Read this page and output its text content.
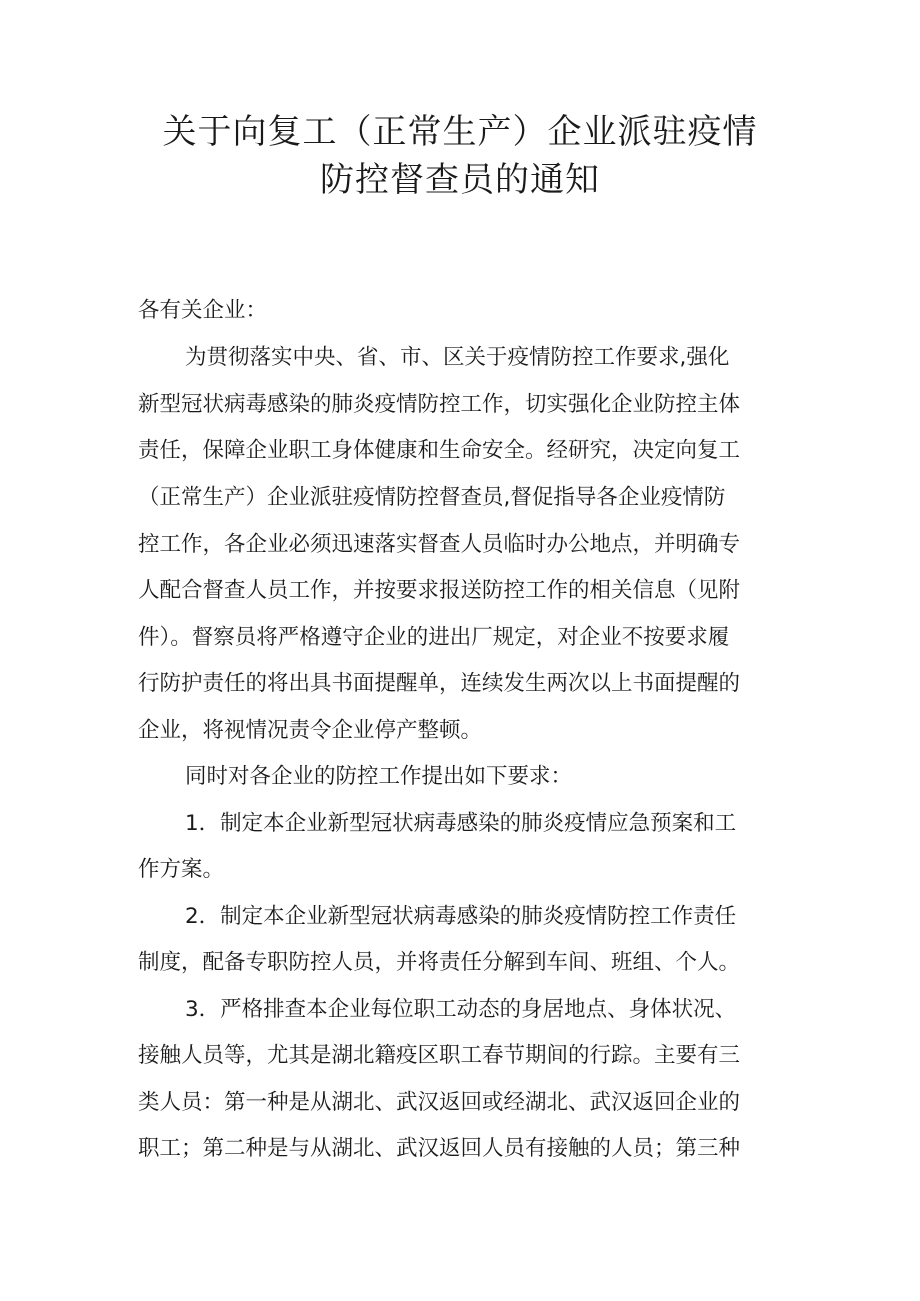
关于向复工（正常生产）企业派驻疫情
防控督查员的通知

各有关企业：

为贯彻落实中央、省、市、区关于疫情防控工作要求,强化

新型冠状病毒感染的肺炎疫情防控工作，切实强化企业防控主体

责任，保障企业职工身体健康和生命安全。经研究，决定向复工

（正常生产）企业派驻疫情防控督查员,督促指导各企业疫情防

控工作，各企业必须迅速落实督查人员临时办公地点，并明确专

人配合督查人员工作，并按要求报送防控工作的相关信息（见附

件）。督察员将严格遵守企业的进出厂规定，对企业不按要求履

行防护责任的将出具书面提醒单，连续发生两次以上书面提醒的

企业，将视情况责令企业停产整顿。

同时对各企业的防控工作提出如下要求：

1．制定本企业新型冠状病毒感染的肺炎疫情应急预案和工

作方案。

2．制定本企业新型冠状病毒感染的肺炎疫情防控工作责任

制度，配备专职防控人员，并将责任分解到车间、班组、个人。

3．严格排查本企业每位职工动态的身居地点、身体状况、

接触人员等，尤其是湖北籍疫区职工春节期间的行踪。主要有三

类人员：第一种是从湖北、武汉返回或经湖北、武汉返回企业的

职工；第二种是与从湖北、武汉返回人员有接触的人员；第三种
